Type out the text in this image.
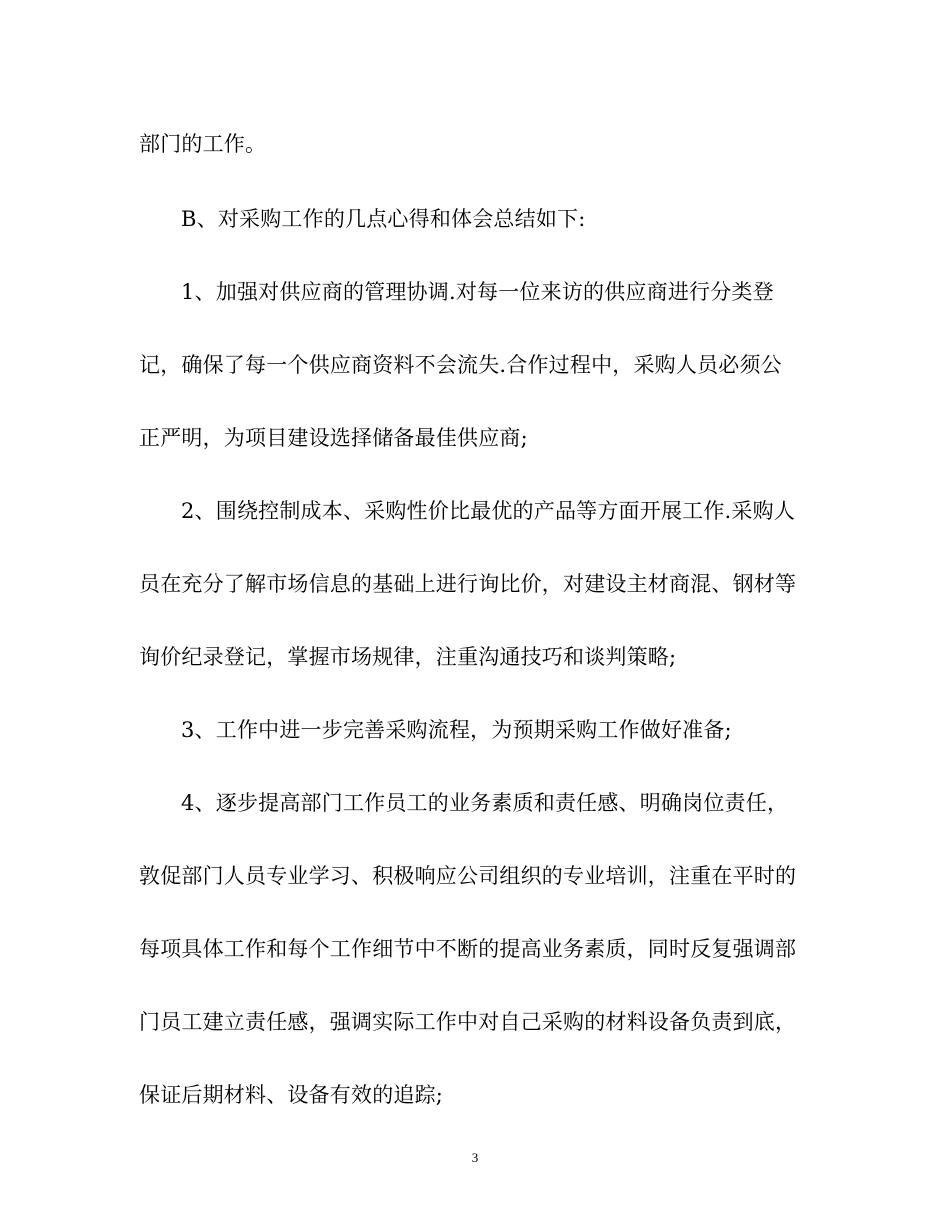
部门的工作。
B、对采购工作的几点心得和体会总结如下:
1、加强对供应商的管理协调.对每一位来访的供应商进行分类登
记，确保了每一个供应商资料不会流失.合作过程中，采购人员必须公
正严明，为项目建设选择储备最佳供应商;
2、围绕控制成本、采购性价比最优的产品等方面开展工作.采购人
员在充分了解市场信息的基础上进行询比价，对建设主材商混、钢材等
询价纪录登记，掌握市场规律，注重沟通技巧和谈判策略;
3、工作中进一步完善采购流程，为预期采购工作做好准备;
4、逐步提高部门工作员工的业务素质和责任感、明确岗位责任，
敦促部门人员专业学习、积极响应公司组织的专业培训，注重在平时的
每项具体工作和每个工作细节中不断的提高业务素质，同时反复强调部
门员工建立责任感，强调实际工作中对自己采购的材料设备负责到底，
保证后期材料、设备有效的追踪;
3
